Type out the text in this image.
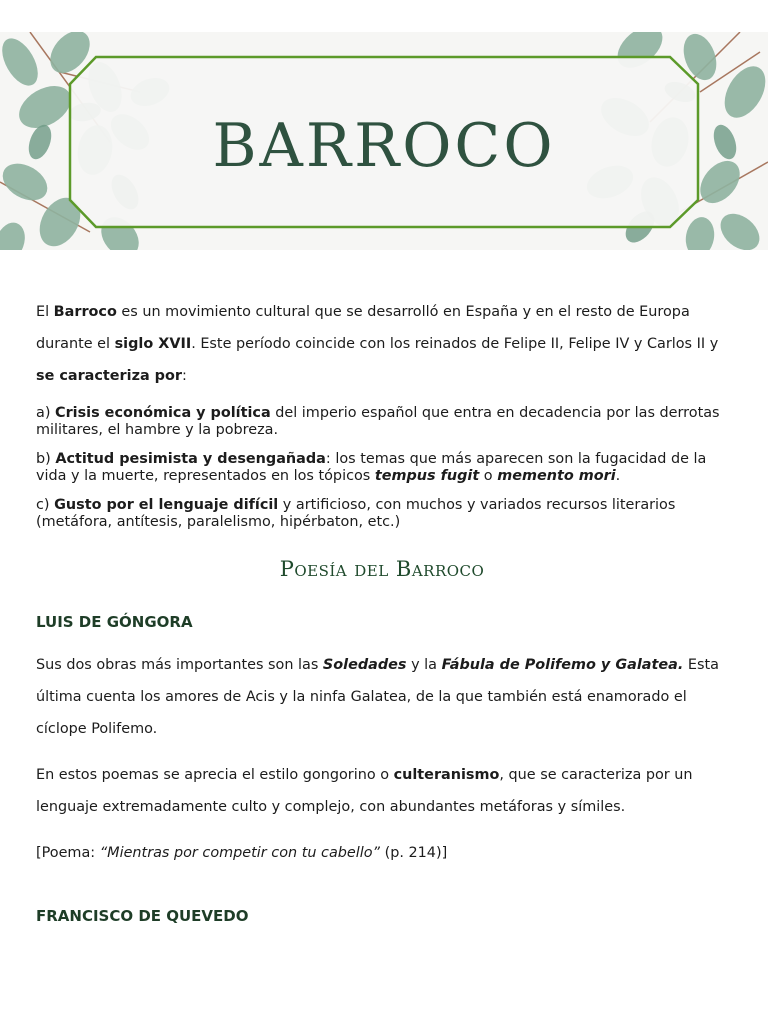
BARROCO

El Barroco es un movimiento cultural que se desarrolló en España y en el resto de Europa durante el siglo XVII. Este período coincide con los reinados de Felipe II, Felipe IV y Carlos II y se caracteriza por:

a) Crisis económica y política del imperio español que entra en decadencia por las derrotas militares, el hambre y la pobreza.

b) Actitud pesimista y desengañada: los temas que más aparecen son la fugacidad de la vida y la muerte, representados en los tópicos tempus fugit o memento mori.

c) Gusto por el lenguaje difícil y artificioso, con muchos y variados recursos literarios (metáfora, antítesis, paralelismo, hipérbaton, etc.)

Poesía del Barroco

LUIS DE GÓNGORA

Sus dos obras más importantes son las Soledades y la Fábula de Polifemo y Galatea. Esta última cuenta los amores de Acis y la ninfa Galatea, de la que también está enamorado el cíclope Polifemo.

En estos poemas se aprecia el estilo gongorino o culteranismo, que se caracteriza por un lenguaje extremadamente culto y complejo, con abundantes metáforas y símiles.

[Poema: “Mientras por competir con tu cabello” (p. 214)]

FRANCISCO DE QUEVEDO
